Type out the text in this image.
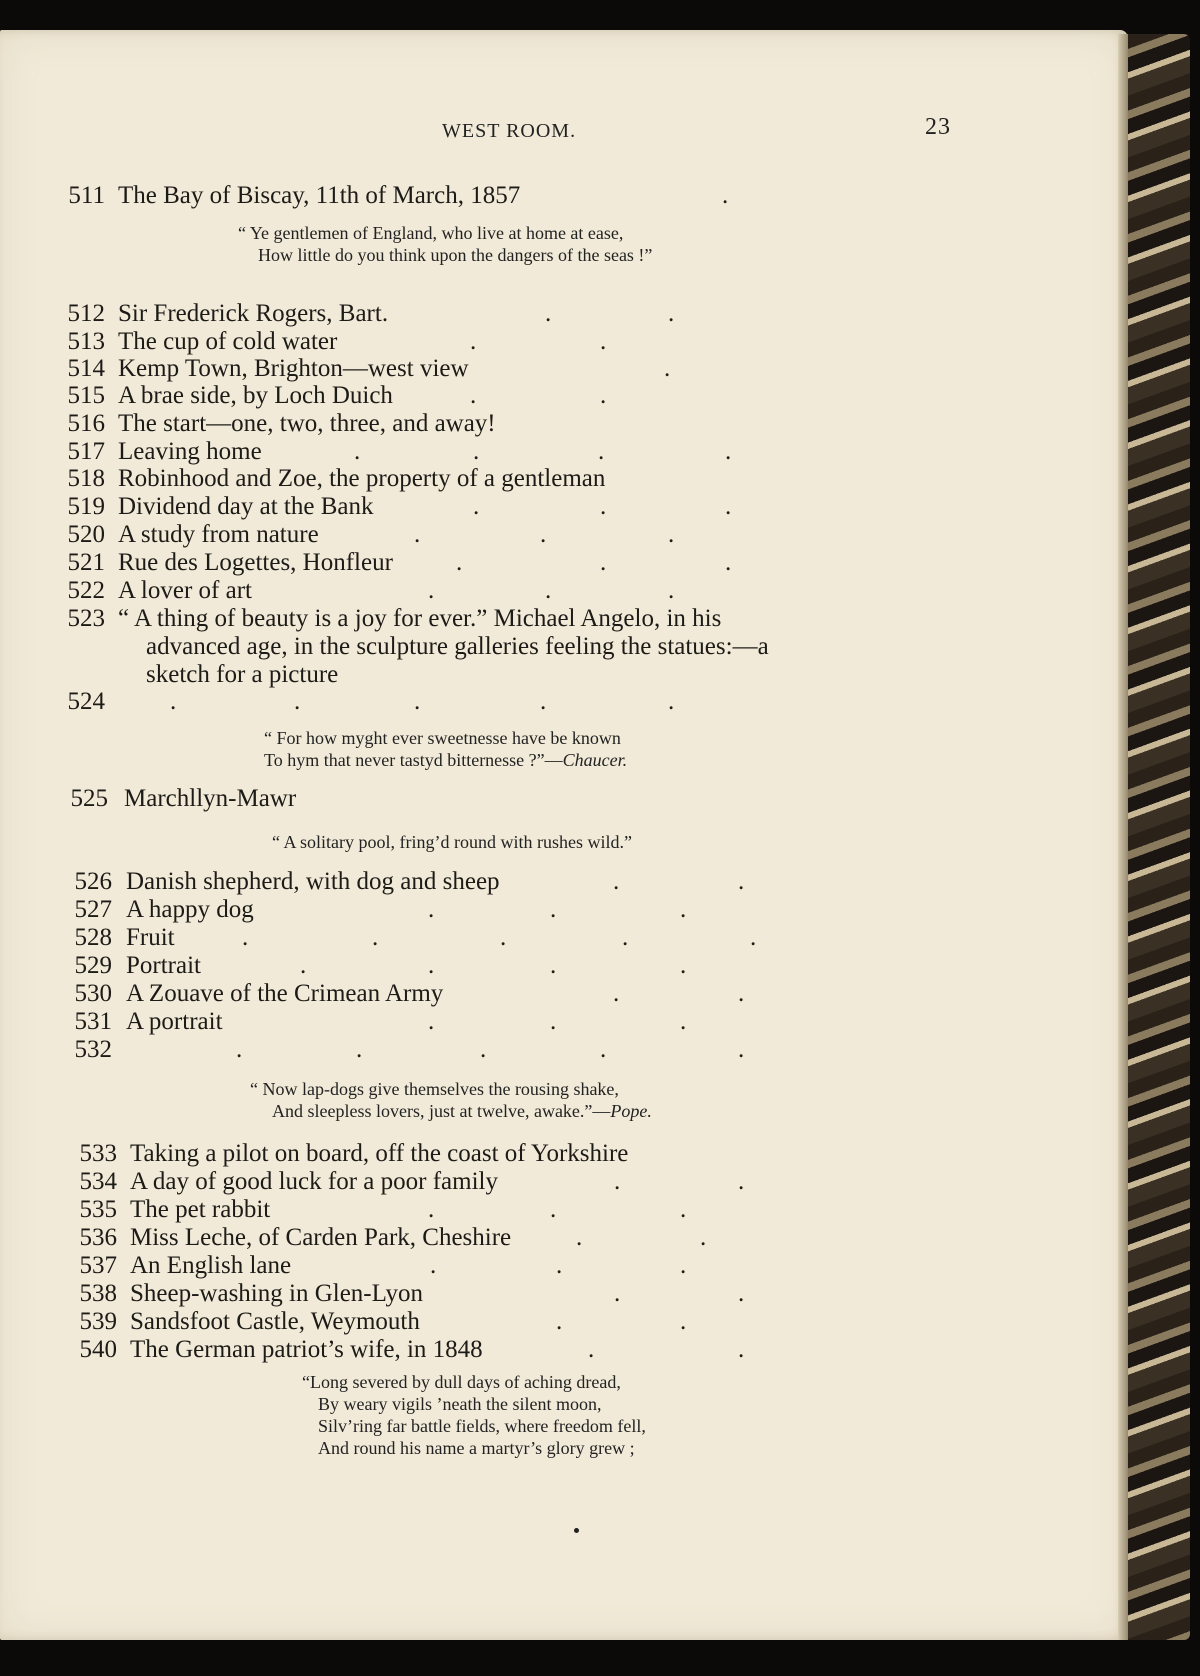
WEST ROOM.	23
511 The Bay of Biscay, 11th of March, 1857	.
512 Sir Frederick Rogers, Bart.	.	.
513 The cup of cold water	.	.
514 Kemp Town, Brighton—west view	.
515 A brae side, by Loch Duich	.	.
516 The start—one, two, three, and away!
517 Leaving home	.	.	.	.
518 Robinhood and Zoe, the property of a gentleman
519 Dividend day at the Bank	.	.	.
520 A study from nature	.	.	.
521 Rue des Logettes, Honfleur	.	.	.
522 A lover of art	.	.	.
523 “ A thing of beauty is a joy for ever.” Michael Angelo, in his
advanced age, in the sculpture galleries feeling the statues:—a
sketch for a picture
524	.	.	.	.	.
525 Marchllyn-Mawr
526 Danish shepherd, with dog and sheep	.	.
527 A happy dog	.	.	.
528 Fruit	.	.	.	.	.
529 Portrait	.	.	.	.
530 A Zouave of the Crimean Army	.	.
531 A portrait	.	.	.
532	.	.	.	.	.
533 Taking a pilot on board, off the coast of Yorkshire
534 A day of good luck for a poor family	.	.
535 The pet rabbit	.	.	.
536 Miss Leche, of Carden Park, Cheshire	.	.
537 An English lane	.	.	.
538 Sheep-washing in Glen-Lyon	.	.
539 Sandsfoot Castle, Weymouth	.	.
540 The German patriot’s wife, in 1848	.	.
“ Ye gentlemen of England, who live at home at ease,
How little do you think upon the dangers of the seas !”
“ For how myght ever sweetnesse have be known
To hym that never tastyd bitternesse ?”—Chaucer.
“ A solitary pool, fring’d round with rushes wild.”
“ Now lap-dogs give themselves the rousing shake,
And sleepless lovers, just at twelve, awake.”—Pope.
“Long severed by dull days of aching dread,
By weary vigils ’neath the silent moon,
Silv’ring far battle fields, where freedom fell,
And round his name a martyr’s glory grew ;
